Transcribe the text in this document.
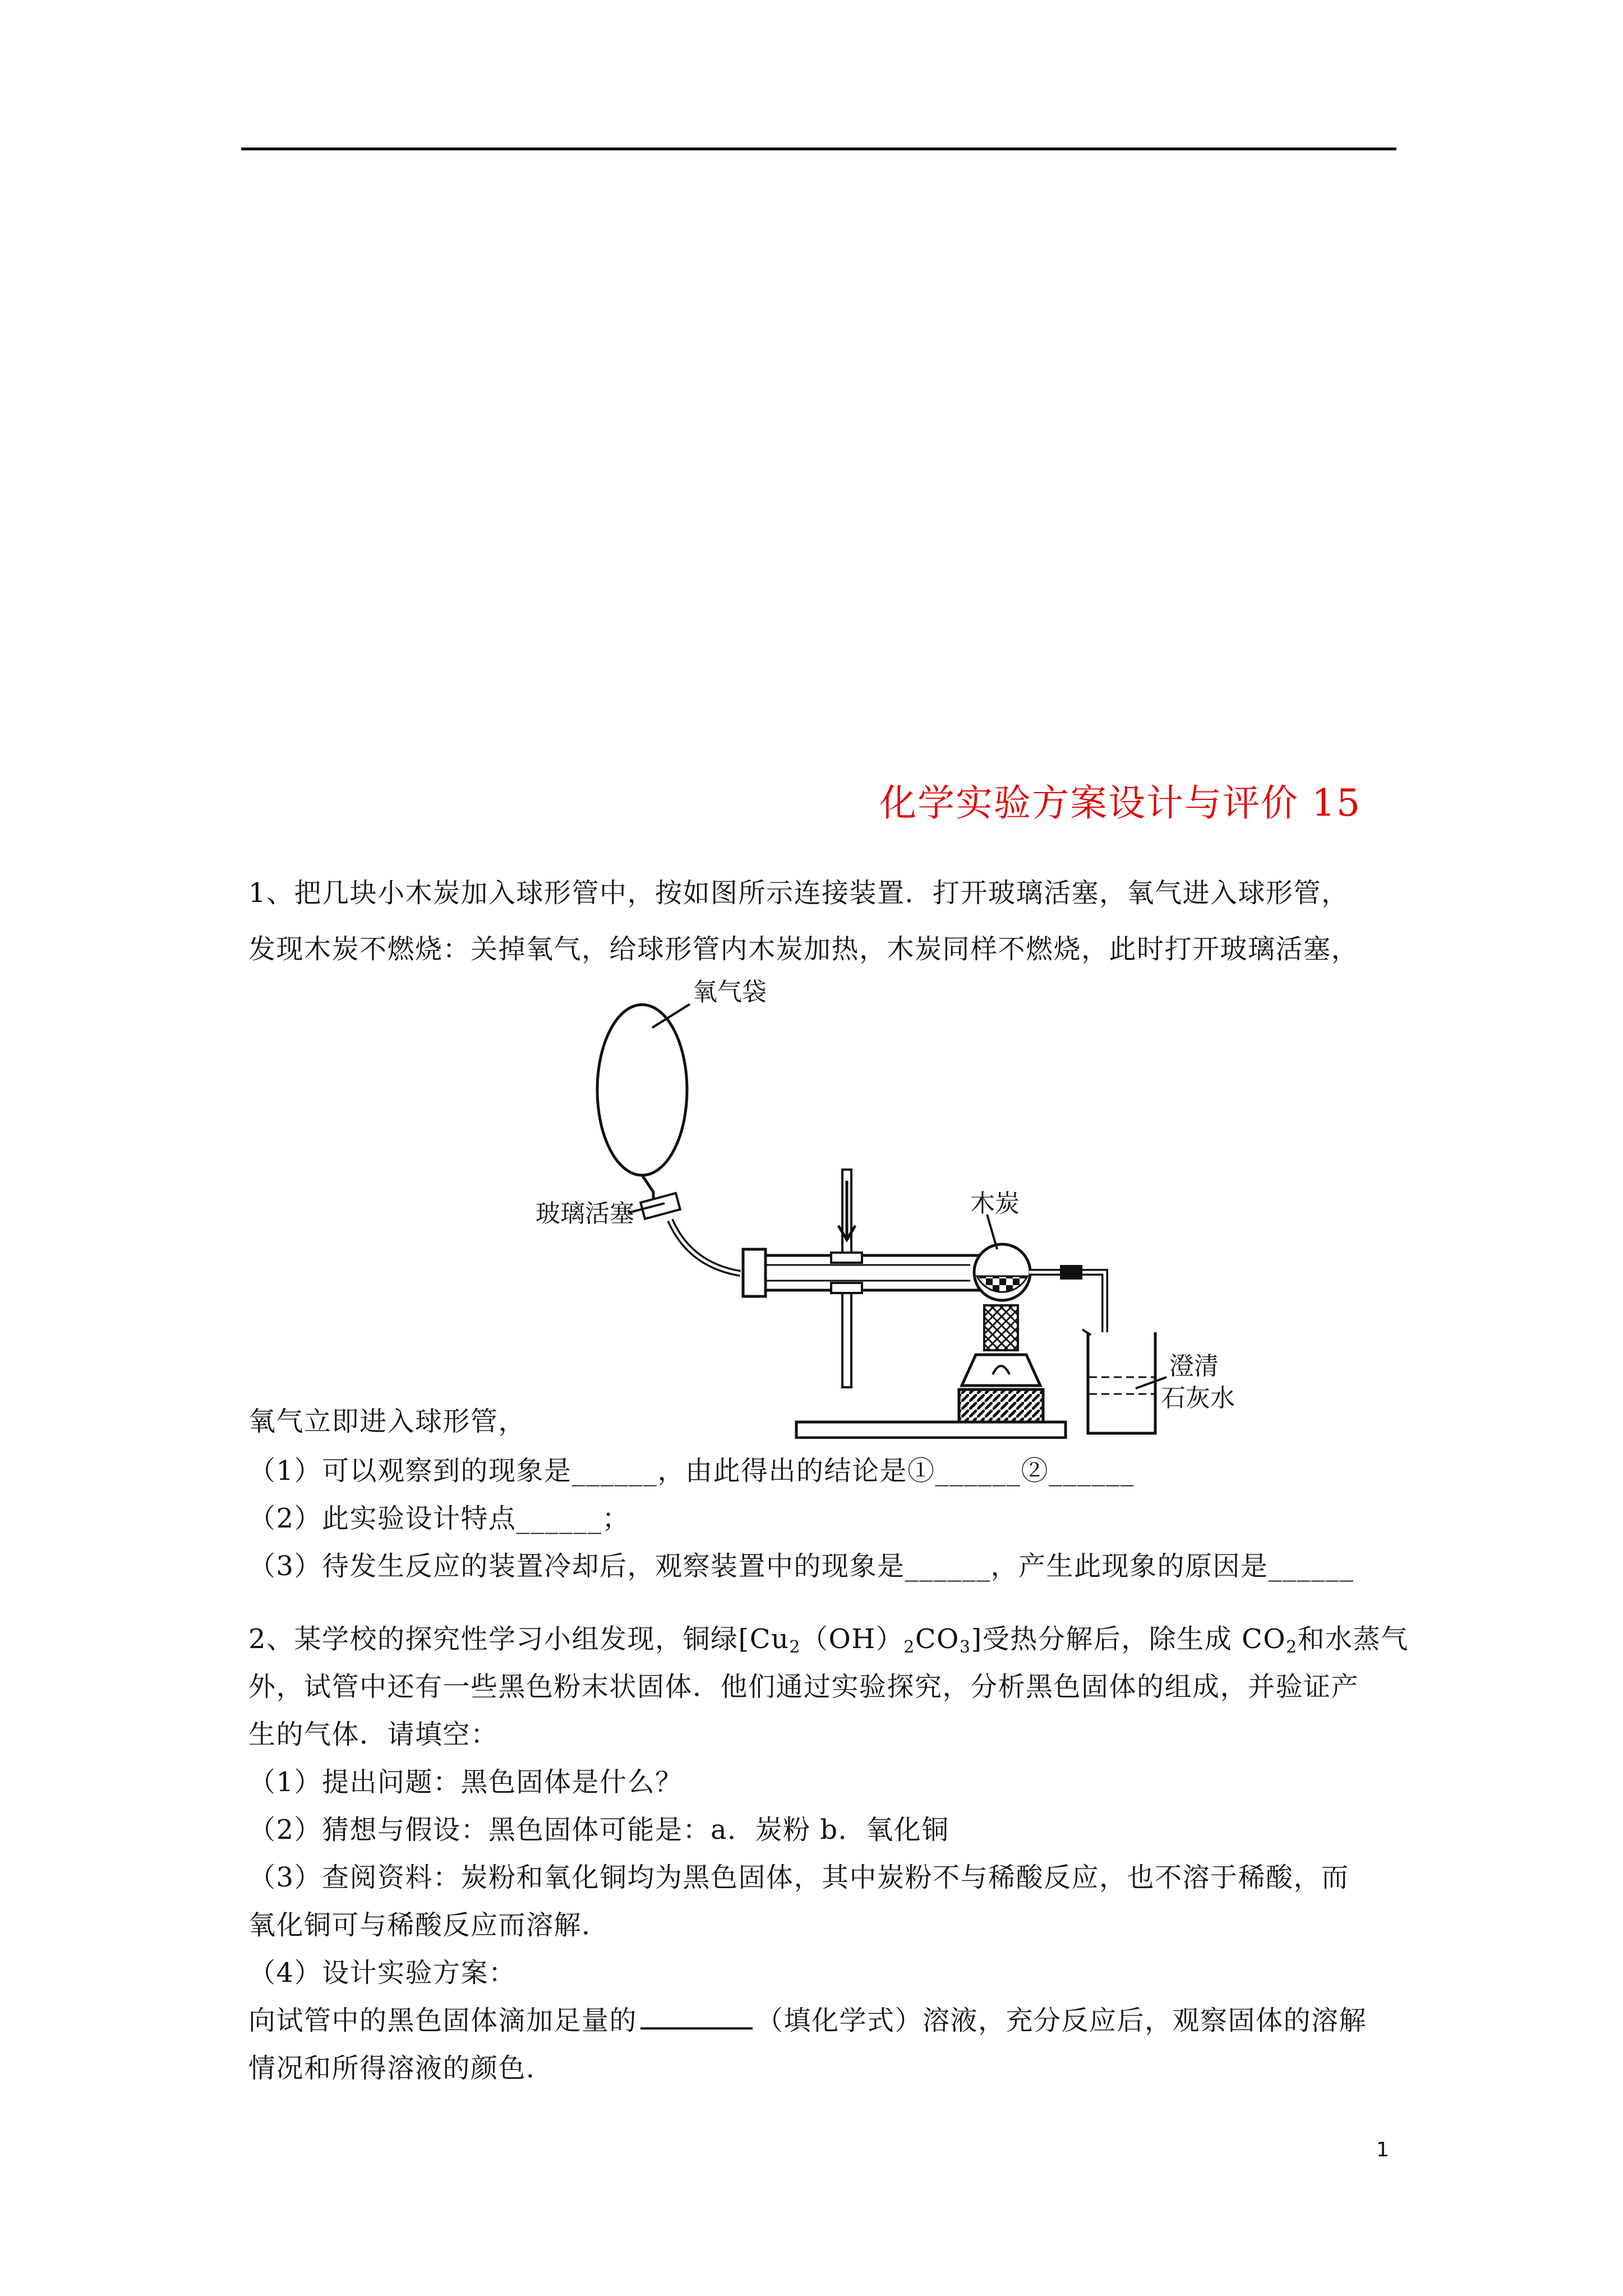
化学实验方案设计与评价 15
1、把几块小木炭加入球形管中，按如图所示连接装置．打开玻璃活塞，氧气进入球形管，
发现木炭不燃烧：关掉氧气，给球形管内木炭加热，木炭同样不燃烧，此时打开玻璃活塞，
氧气袋
玻璃活塞	木炭
澄清
石灰水
氧气立即进入球形管，
（1）可以观察到的现象是______，由此得出的结论是①______②______
（2）此实验设计特点______；
（3）待发生反应的装置冷却后，观察装置中的现象是______，产生此现象的原因是______
2、某学校的探究性学习小组发现，铜绿$[Cu_2(OH)_2CO_3]$受热分解后，除生成 $CO_2$和水蒸气
外，试管中还有一些黑色粉末状固体．他们通过实验探究，分析黑色固体的组成，并验证产
生的气体．请填空：
（1）提出问题：黑色固体是什么？
（2）猜想与假设：黑色固体可能是：a．炭粉 b．氧化铜
（3）查阅资料：炭粉和氧化铜均为黑色固体，其中炭粉不与稀酸反应，也不溶于稀酸，而
氧化铜可与稀酸反应而溶解．
（4）设计实验方案：
向试管中的黑色固体滴加足量的	（填化学式）溶液，充分反应后，观察固体的溶解
情况和所得溶液的颜色．
1
